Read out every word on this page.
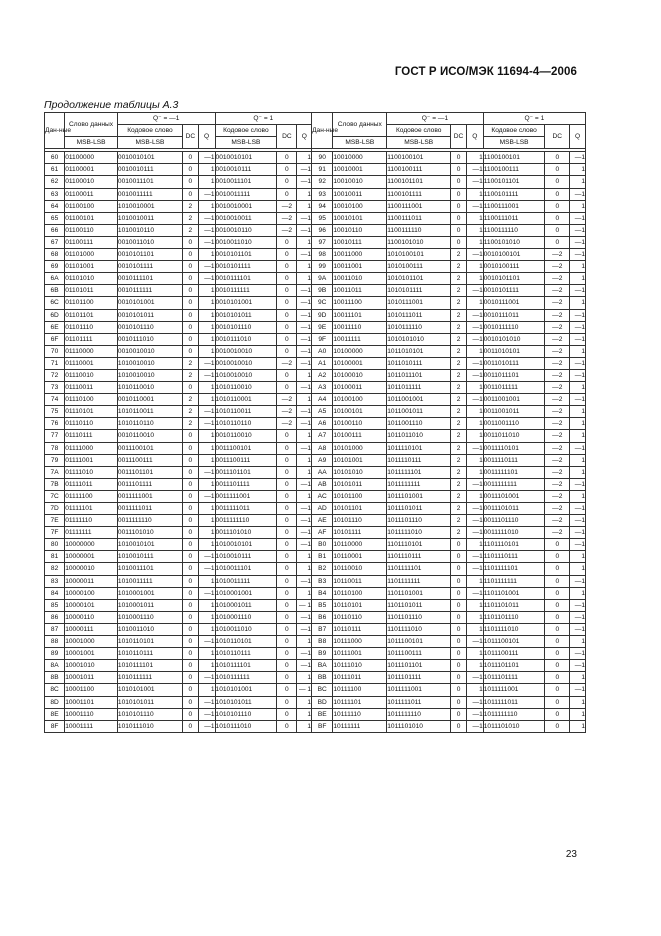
ГОСТ Р ИСО/МЭК 11694-4—2006
Продолжение таблицы А.3
Дан-ные	Слово данных	Q⁻ = —1			Q⁻ = 1			Дан-ные	Слово данных	Q⁻ = —1			Q⁻ = 1		
		Кодовое слово	DC	Q	Кодовое слово	DC	Q			Кодовое слово	DC	Q	Кодовое слово	DC	Q
	MSB-LSB	MSB-LSB			MSB-LSB				MSB-LSB	MSB-LSB			MSB-LSB		

60	01100000	0010010101	0	—1	0010010101	0	1	90	10010000	1100100101	0	1	1100100101	0	—1
61	01100001	0010010111	0	1	0010010111	0	—1	91	10010001	1100100111	0	—1	1100100111	0	1
62	01100010	0010011101	0	1	0010011101	0	—1	92	10010010	1100101101	0	—1	1100101101	0	1
63	01100011	0010011111	0	—1	0010011111	0	1	93	10010011	1100101111	0	1	1100101111	0	—1
64	01100100	1010010001	2	1	0010010001	—2	1	94	10010100	1100111001	0	—1	1100111001	0	1
65	01100101	1010010011	2	—1	0010010011	—2	—1	95	10010101	1100111011	0	1	1100111011	0	—1
66	01100110	1010010110	2	—1	0010010110	—2	—1	96	10010110	1100111110	0	1	1100111110	0	—1
67	01100111	0010011010	0	—1	0010011010	0	1	97	10010111	1100101010	0	1	1100101010	0	—1
68	01101000	0010101101	0	1	0010101101	0	—1	98	10011000	1010100101	2	—1	0010100101	—2	—1
69	01101001	0010101111	0	—1	0010101111	0	1	99	10011001	1010100111	2	1	0010100111	—2	1
6A	01101010	0010111101	0	—1	0010111101	0	1	9A	10011010	1010101101	2	1	0010101101	—2	1
6B	01101011	0010111111	0	1	0010111111	0	—1	9B	10011011	1010101111	2	—1	0010101111	—2	—1
6C	01101100	0010101001	0	1	0010101001	0	—1	9C	10011100	1010111001	2	1	0010111001	—2	1
6D	01101101	0010101011	0	1	0010101011	0	—1	9D	10011101	1010111011	2	—1	0010111011	—2	—1
6E	01101110	0010101110	0	1	0010101110	0	—1	9E	10011110	1010111110	2	—1	0010111110	—2	—1
6F	01101111	0010111010	0	1	0010111010	0	—1	9F	10011111	1010101010	2	—1	0010101010	—2	—1
70	01110000	0010010010	0	1	0010010010	0	—1	A0	10100000	1011010101	2	1	0011010101	—2	1
71	01110001	1010010010	2	—1	0010010010	—2	—1	A1	10100001	1011010111	2	—1	0011010111	—2	—1
72	01110010	1010010010	2	—1	1010010010	0	1	A2	10100010	1011011101	2	—1	0011011101	—2	—1
73	01110011	1010110010	0	1	1010110010	0	—1	A3	10100011	1011011111	2	1	0011011111	—2	1
74	01110100	0010110001	2	1	1010110001	—2	1	A4	10100100	1011001001	2	—1	0011001001	—2	—1
75	01110101	1010110011	2	—1	1010110011	—2	—1	A5	10100101	1011001011	2	1	0011001011	—2	1
76	01110110	1010110110	2	—1	1010110110	—2	—1	A6	10100110	1011001110	2	1	0011001110	—2	1
77	01110111	0010110010	0	1	0010110010	0	1	A7	10100111	1011011010	2	1	0011011010	—2	1
78	01111000	0011100101	0	1	0011100101	0	—1	A8	10101000	1011110101	2	—1	0011110101	—2	—1
79	01111001	0011100111	0	1	0011100111	0	1	A9	10101001	1011110111	2	1	0011110111	—2	1
7A	01111010	0011101101	0	—1	0011101101	0	1	AA	10101010	1011111101	2	1	0011111101	—2	1
7B	01111011	0011101111	0	1	0011101111	0	—1	AB	10101011	1011111111	2	—1	0011111111	—2	—1
7C	01111100	0011111001	0	—1	0011111001	0	1	AC	10101100	1011101001	2	1	0011101001	—2	1
7D	01111101	0011111011	0	1	0011111011	0	—1	AD	10101101	1011101011	2	—1	0011101011	—2	—1
7E	01111110	0011111110	0	1	0011111110	0	—1	AE	10101110	1011101110	2	—1	0011101110	—2	—1
7F	01111111	0011101010	0	1	0011101010	0	—1	AF	10101111	1011111010	2	—1	0011111010	—2	—1
80	10000000	1010010101	0	1	1010010101	0	—1	B0	10110000	1101110101	0	1	1101110101	0	—1
81	10000001	1010010111	0	—1	1010010111	0	1	B1	10110001	1101110111	0	—1	1101110111	0	1
82	10000010	1010011101	0	—1	1010011101	0	1	B2	10110010	1101111101	0	—1	1101111101	0	1
83	10000011	1010011111	0	1	1010011111	0	—1	B3	10110011	1101111111	0	1	1101111111	0	—1
84	10000100	1010001001	0	—1	1010001001	0	1	B4	10110100	1101101001	0	—1	1101101001	0	1
85	10000101	1010001011	0	1	1010001011	0	— 1	B5	10110101	1101101011	0	1	1101101011	0	—1
86	10000110	1010001110	0	1	1010001110	0	—1	B6	10110110	1101101110	0	1	1101101110	0	—1
87	10000111	1010011010	0	1	1010011010	0	—1	B7	10110111	1101111010	0	1	1101111010	0	—1
88	10001000	1010110101	0	—1	1010110101	0	1	B8	10111000	1011100101	0	—1	1011100101	0	1
89	10001001	1010110111	0	1	1010110111	0	—1	B9	10111001	1011100111	0	1	1011100111	0	—1
8A	10001010	1010111101	0	1	1010111101	0	—1	BA	10111010	1011101101	0	1	1011101101	0	—1
8B	10001011	1010111111	0	—1	1010111111	0	1	BB	10111011	1011101111	0	—1	1011101111	0	1
8C	10001100	1010101001	0	1	1010101001	0	— 1	BC	10111100	1011111001	0	1	1011111001	0	—1
8D	10001101	1010101011	0	—1	1010101011	0	1	BD	10111101	1011111011	0	—1	1011111011	0	1
8E	10001110	1010101110	0	—1	1010101110	0	1	BE	10111110	1011111110	0	—1	1011111110	0	1
8F	10001111	1010111010	0	—1	1010111010	0	1	BF	10111111	1011101010	0	—1	1011101010	0	1
23
